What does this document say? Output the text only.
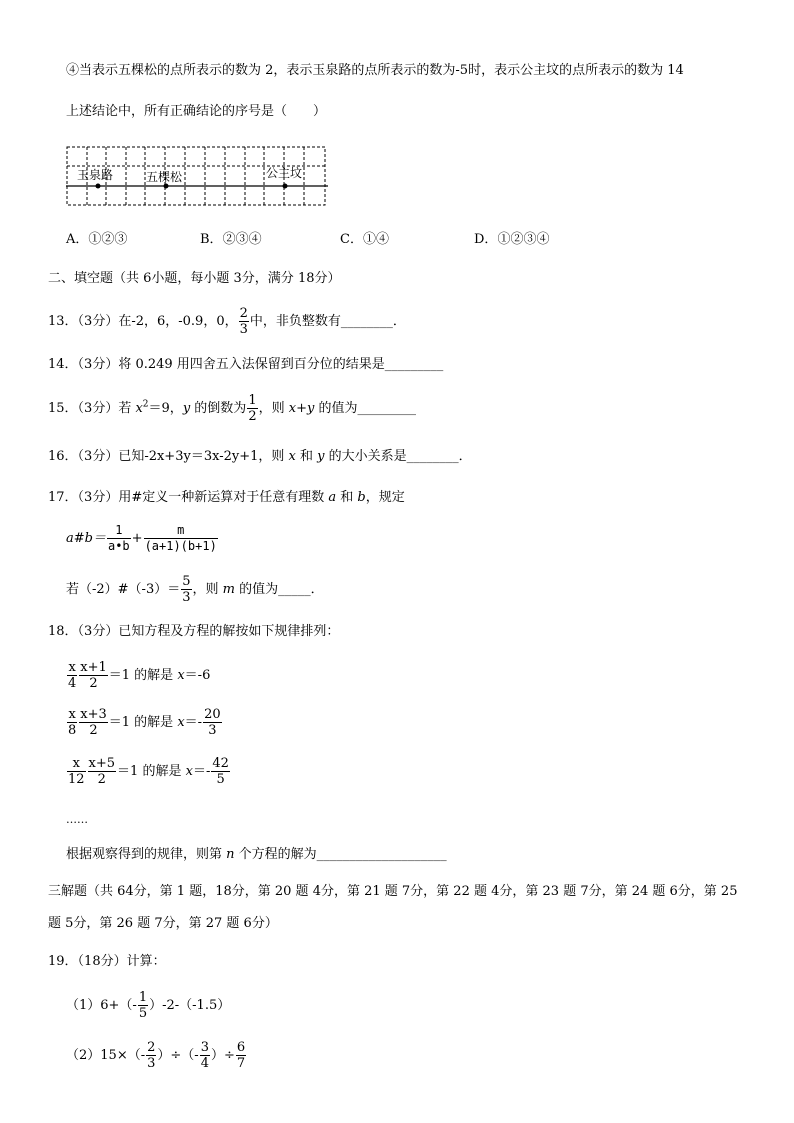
④当表示五棵松的点所表示的数为 2，表示玉泉路的点所表示的数为-5时，表示公主坟的点所表示的数为 14
上述结论中，所有正确结论的序号是（　　）
玉泉路	五棵松	公主坟
A．①②③	B．②③④	C．①④	D．①②③④
二、填空题（共 6小题，每小题 3分，满分 18分）
13．（3分）在-2，6，-0.9，0， $\frac{2}{3}$ 中，非负整数有________．
14．（3分）将 0.249 用四舍五入法保留到百分位的结果是_________
15．（3分）若 $x^2=9$，y 的倒数为 $\frac{1}{2}$ ，则 x+y 的值为_________
16．（3分）已知-2x+3y＝3x-2y+1，则 x 和 y 的大小关系是________．
17．（3分）用#定义一种新运算对于任意有理数 a 和 b，规定
a#b＝ $\frac{1}{a•b} + \frac{m}{(a+1)(b+1)}$
若（-2）#（-3）＝ $\frac{5}{3}$ ，则 m 的值为_____．
18．（3分）已知方程及方程的解按如下规律排列：
$\frac{x}{4} \frac{x+1}{2} =1$ 的解是 x＝-6
$\frac{x}{8} \frac{x+3}{2} =1$ 的解是 $x=- \frac{20}{3}$
$\frac{x}{12} \frac{x+5}{2} =1$ 的解是 $x=- \frac{42}{5}$
……
根据观察得到的规律，则第 n 个方程的解为____________________
三解题（共 64分，第 1 题，18分，第 20 题 4分，第 21 题 7分，第 22 题 4分，第 23 题 7分，第 24 题 6分，第 25
题 5分，第 26 题 7分，第 27 题 6分）
19．（18分）计算：
$(1)6+(- \frac{1}{5} )-2-(-1.5)$
$(2)15\times(- \frac{2}{3}$ ）÷（- $\frac{3}{4}$ ）÷ $\frac{6}{7}$
